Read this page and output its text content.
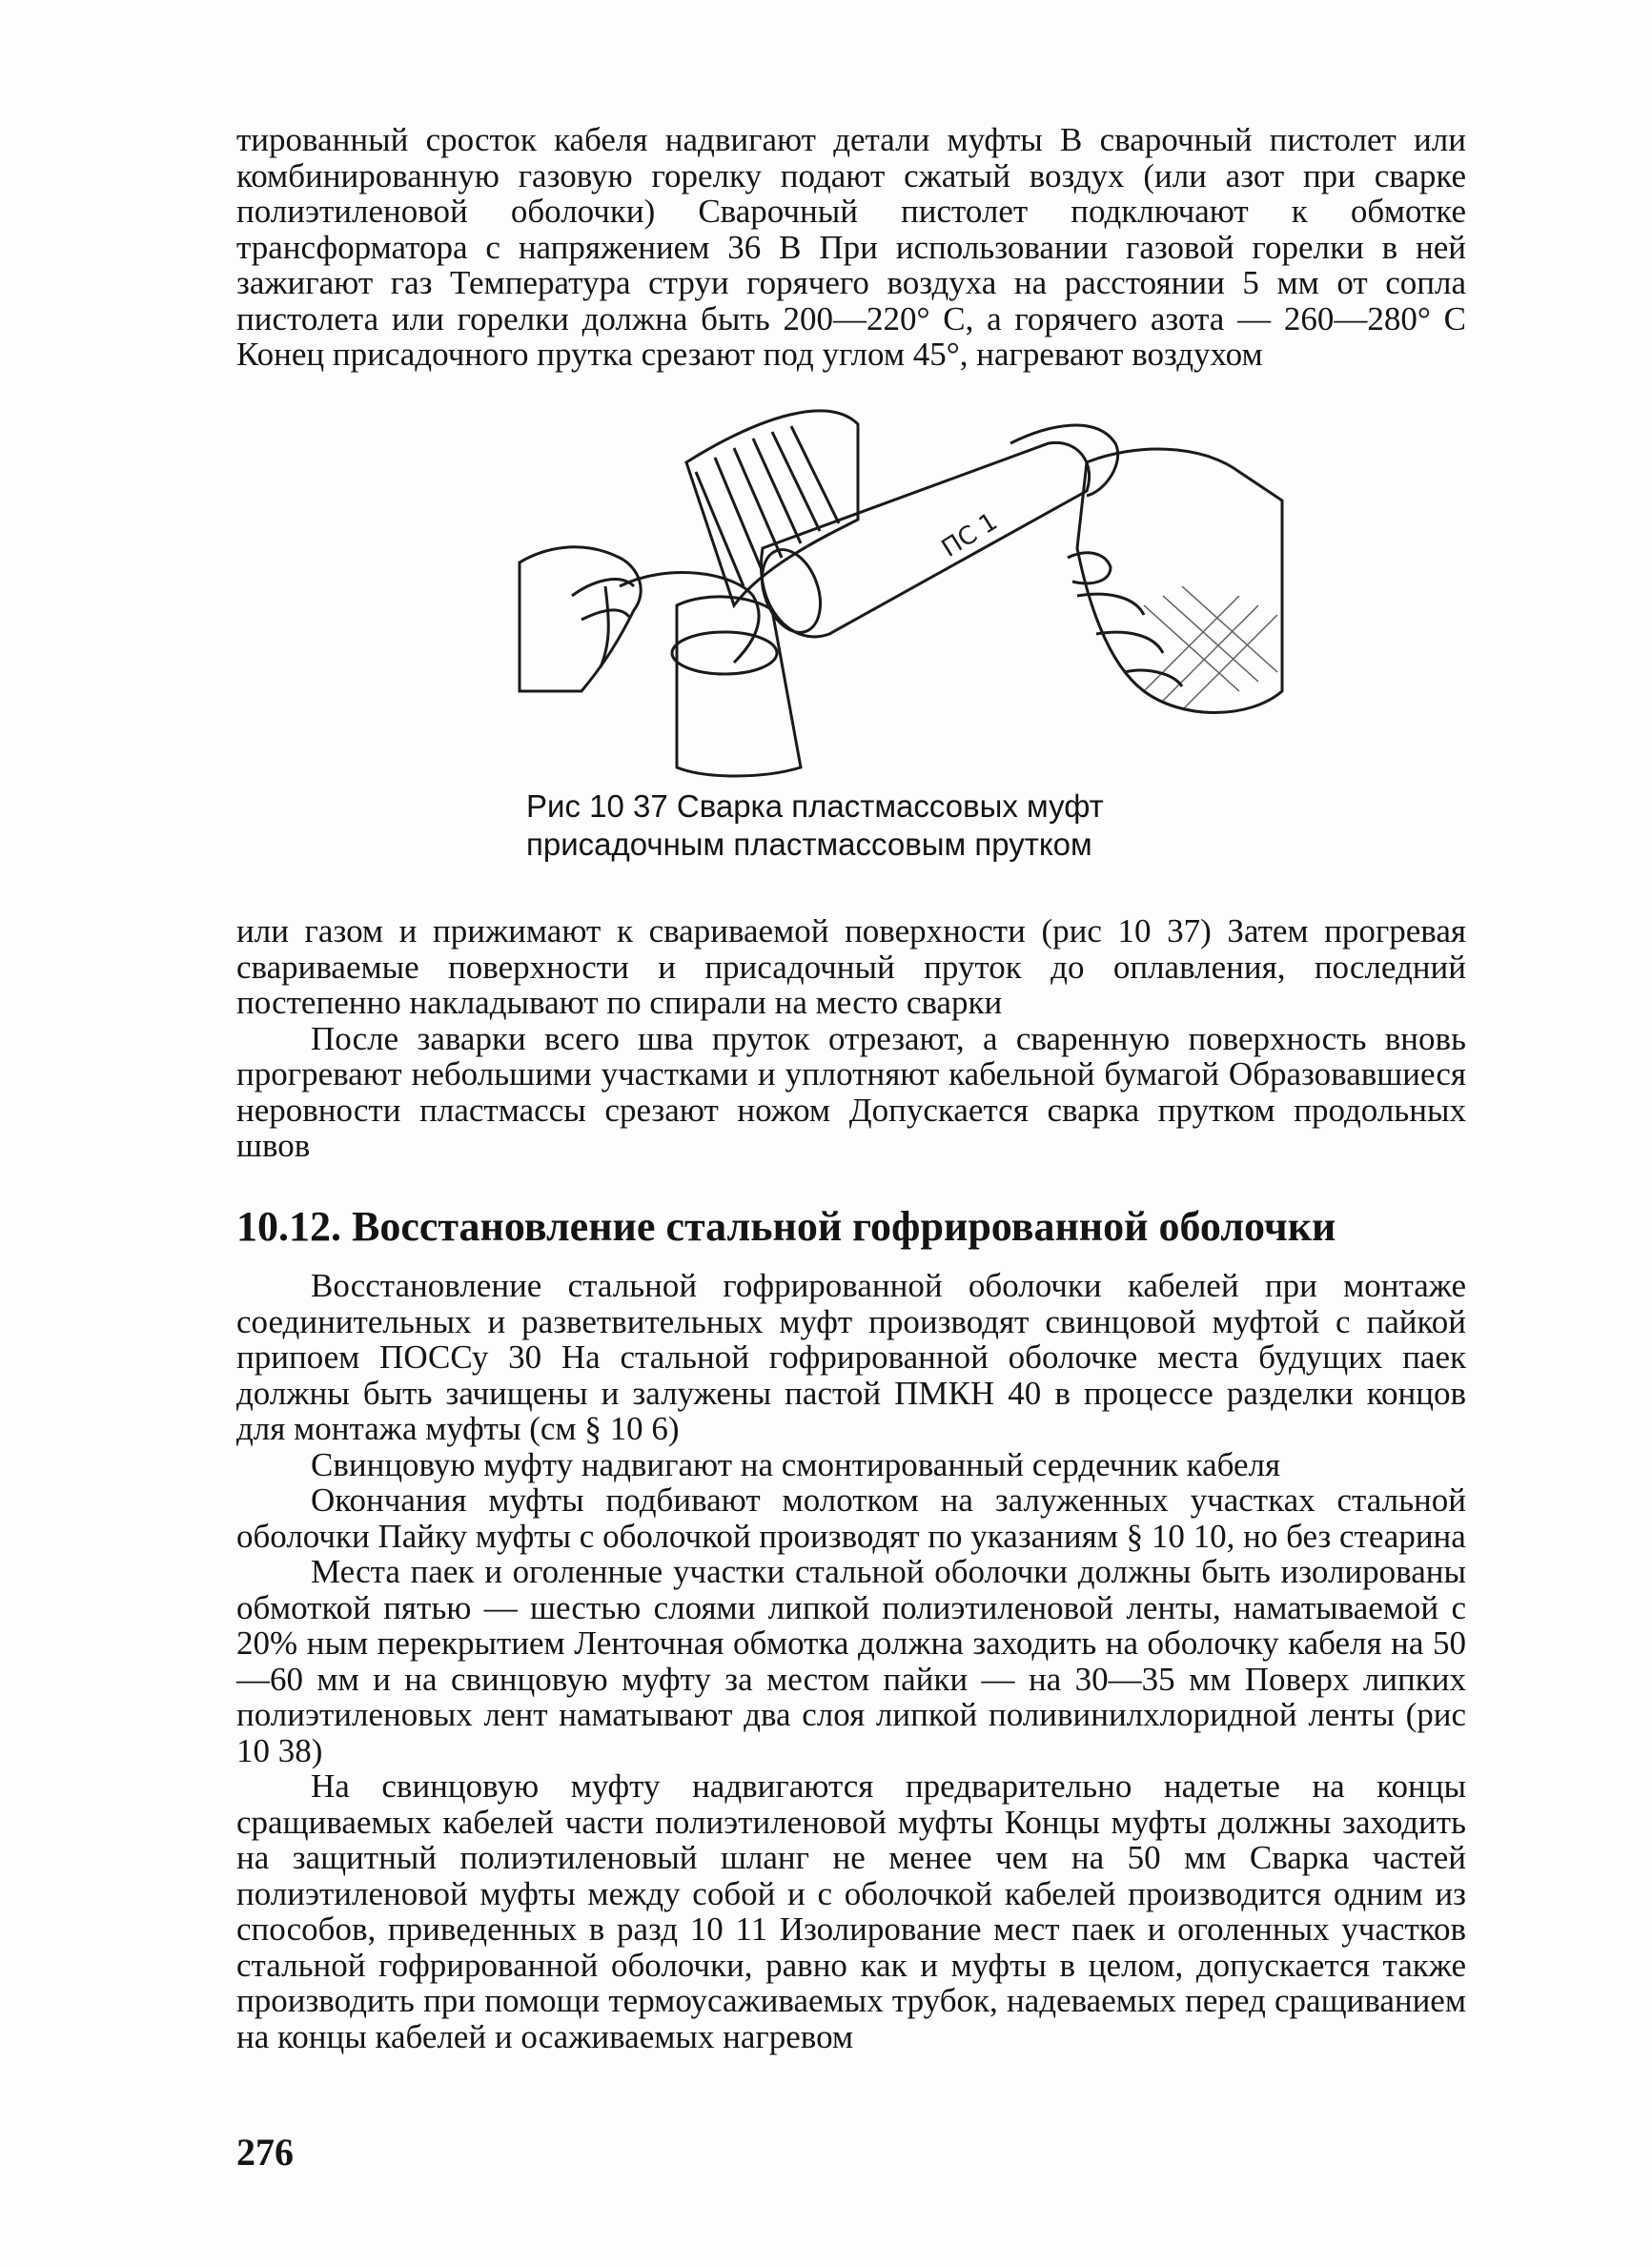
тированный сросток кабеля надвигают детали муфты В сварочный пистолет или комбинированную газовую горелку подают сжатый воздух (или азот при сварке полиэтиленовой оболочки) Сварочный пистолет подключают к обмотке трансформатора с напряжением 36 В При использовании газовой горелки в ней зажигают газ Температура струи горячего воздуха на расстоянии 5 мм от сопла пистолета или горелки должна быть 200—220° С, а горячего азота — 260—280° С Конец присадочного прутка срезают под углом 45°, нагревают воздухом

ПС 1

Рис 10 37 Сварка пластмассовых муфт присадочным пластмассовым прутком

или газом и прижимают к свариваемой поверхности (рис 10 37) Затем прогревая свариваемые поверхности и присадочный пруток до оплавления, последний постепенно накладывают по спирали на место сварки

После заварки всего шва пруток отрезают, а сваренную поверхность вновь прогревают небольшими участками и уплотняют кабельной бумагой Образовавшиеся неровности пластмассы срезают ножом Допускается сварка прутком продольных швов

10.12. Восстановление стальной гофрированной оболочки

Восстановление стальной гофрированной оболочки кабелей при монтаже соединительных и разветвительных муфт производят свинцовой муфтой с пайкой припоем ПОССу 30 На стальной гофрированной оболочке места будущих паек должны быть зачищены и залужены пастой ПМКН 40 в процессе разделки концов для монтажа муфты (см § 10 6)

Свинцовую муфту надвигают на смонтированный сердечник кабеля

Окончания муфты подбивают молотком на залуженных участках стальной оболочки Пайку муфты с оболочкой производят по указаниям § 10 10, но без стеарина

Места паек и оголенные участки стальной оболочки должны быть изолированы обмоткой пятью — шестью слоями липкой полиэтиленовой ленты, наматываемой с 20% ным перекрытием Ленточная обмотка должна заходить на оболочку кабеля на 50—60 мм и на свинцовую муфту за местом пайки — на 30—35 мм Поверх липких полиэтиленовых лент наматывают два слоя липкой поливинилхлоридной ленты (рис 10 38)

На свинцовую муфту надвигаются предварительно надетые на концы сращиваемых кабелей части полиэтиленовой муфты Концы муфты должны заходить на защитный полиэтиленовый шланг не менее чем на 50 мм Сварка частей полиэтиленовой муфты между собой и с оболочкой кабелей производится одним из способов, приведенных в разд 10 11 Изолирование мест паек и оголенных участков стальной гофрированной оболочки, равно как и муфты в целом, допускается также производить при помощи термоусаживаемых трубок, надеваемых перед сращиванием на концы кабелей и осаживаемых нагревом

276
